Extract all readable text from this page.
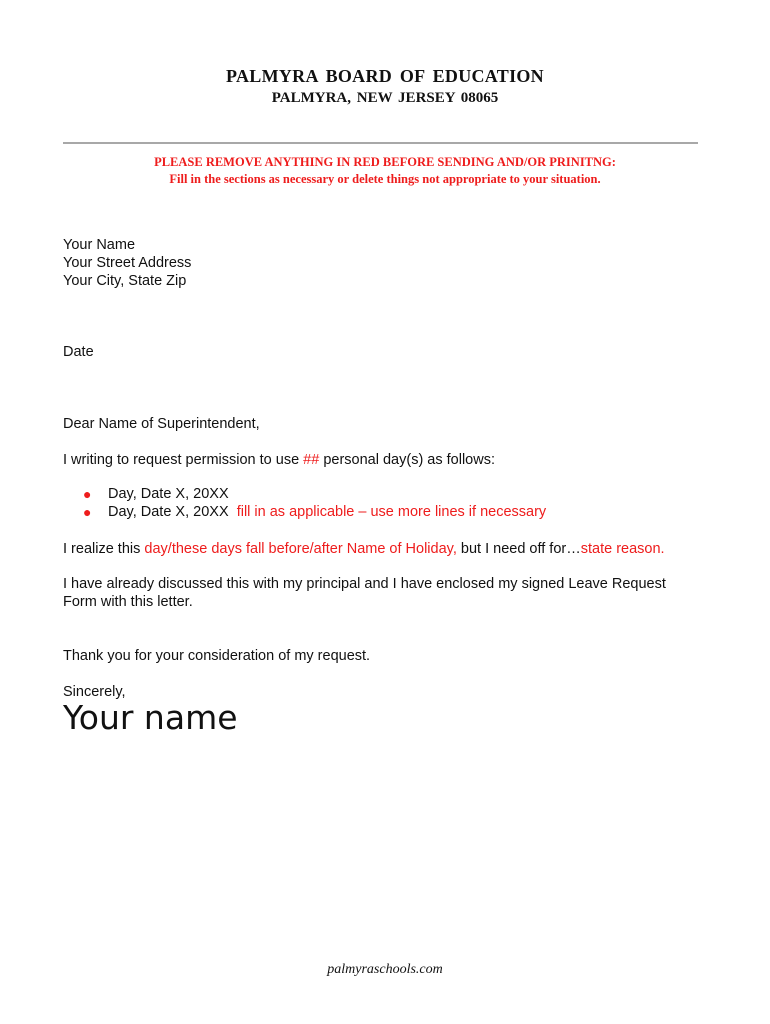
PALMYRA BOARD OF EDUCATION
PALMYRA, NEW JERSEY 08065
PLEASE REMOVE ANYTHING IN RED BEFORE SENDING AND/OR PRINITNG:
Fill in the sections as necessary or delete things not appropriate to your situation.
Your Name
Your Street Address
Your City, State Zip
Date
Dear Name of Superintendent,
I writing to request permission to use ## personal day(s) as follows:
● Day, Date X, 20XX
● Day, Date X, 20XX  fill in as applicable – use more lines if necessary
I realize this day/these days fall before/after Name of Holiday, but I need off for…state reason.
I have already discussed this with my principal and I have enclosed my signed Leave Request Form with this letter.
Thank you for your consideration of my request.
Sincerely,
Your name
palmyraschools.com
